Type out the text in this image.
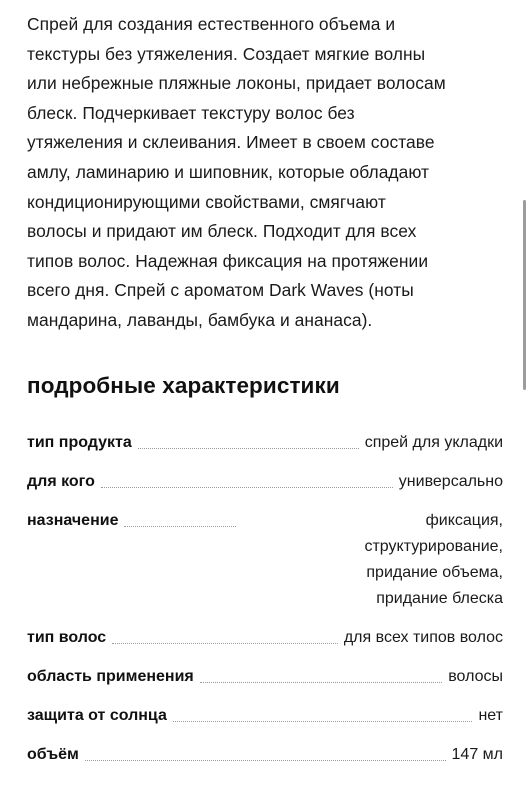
Спрей для создания естественного объема и
текстуры без утяжеления. Создает мягкие волны
или небрежные пляжные локоны, придает волосам
блеск. Подчеркивает текстуру волос без
утяжеления и склеивания. Имеет в своем составе
амлу, ламинарию и шиповник, которые обладают
кондиционирующими свойствами, смягчают
волосы и придают им блеск. Подходит для всех
типов волос. Надежная фиксация на протяжении
всего дня. Спрей с ароматом Dark Waves (ноты
мандарина, лаванды, бамбука и ананаса).

подробные характеристики
тип продукта	спрей для укладки
для кого	универсально
назначение	фиксация,
структурирование,
придание объема,
придание блеска
тип волос	для всех типов волос
область применения	волосы
защита от солнца	нет
объём	147 мл
